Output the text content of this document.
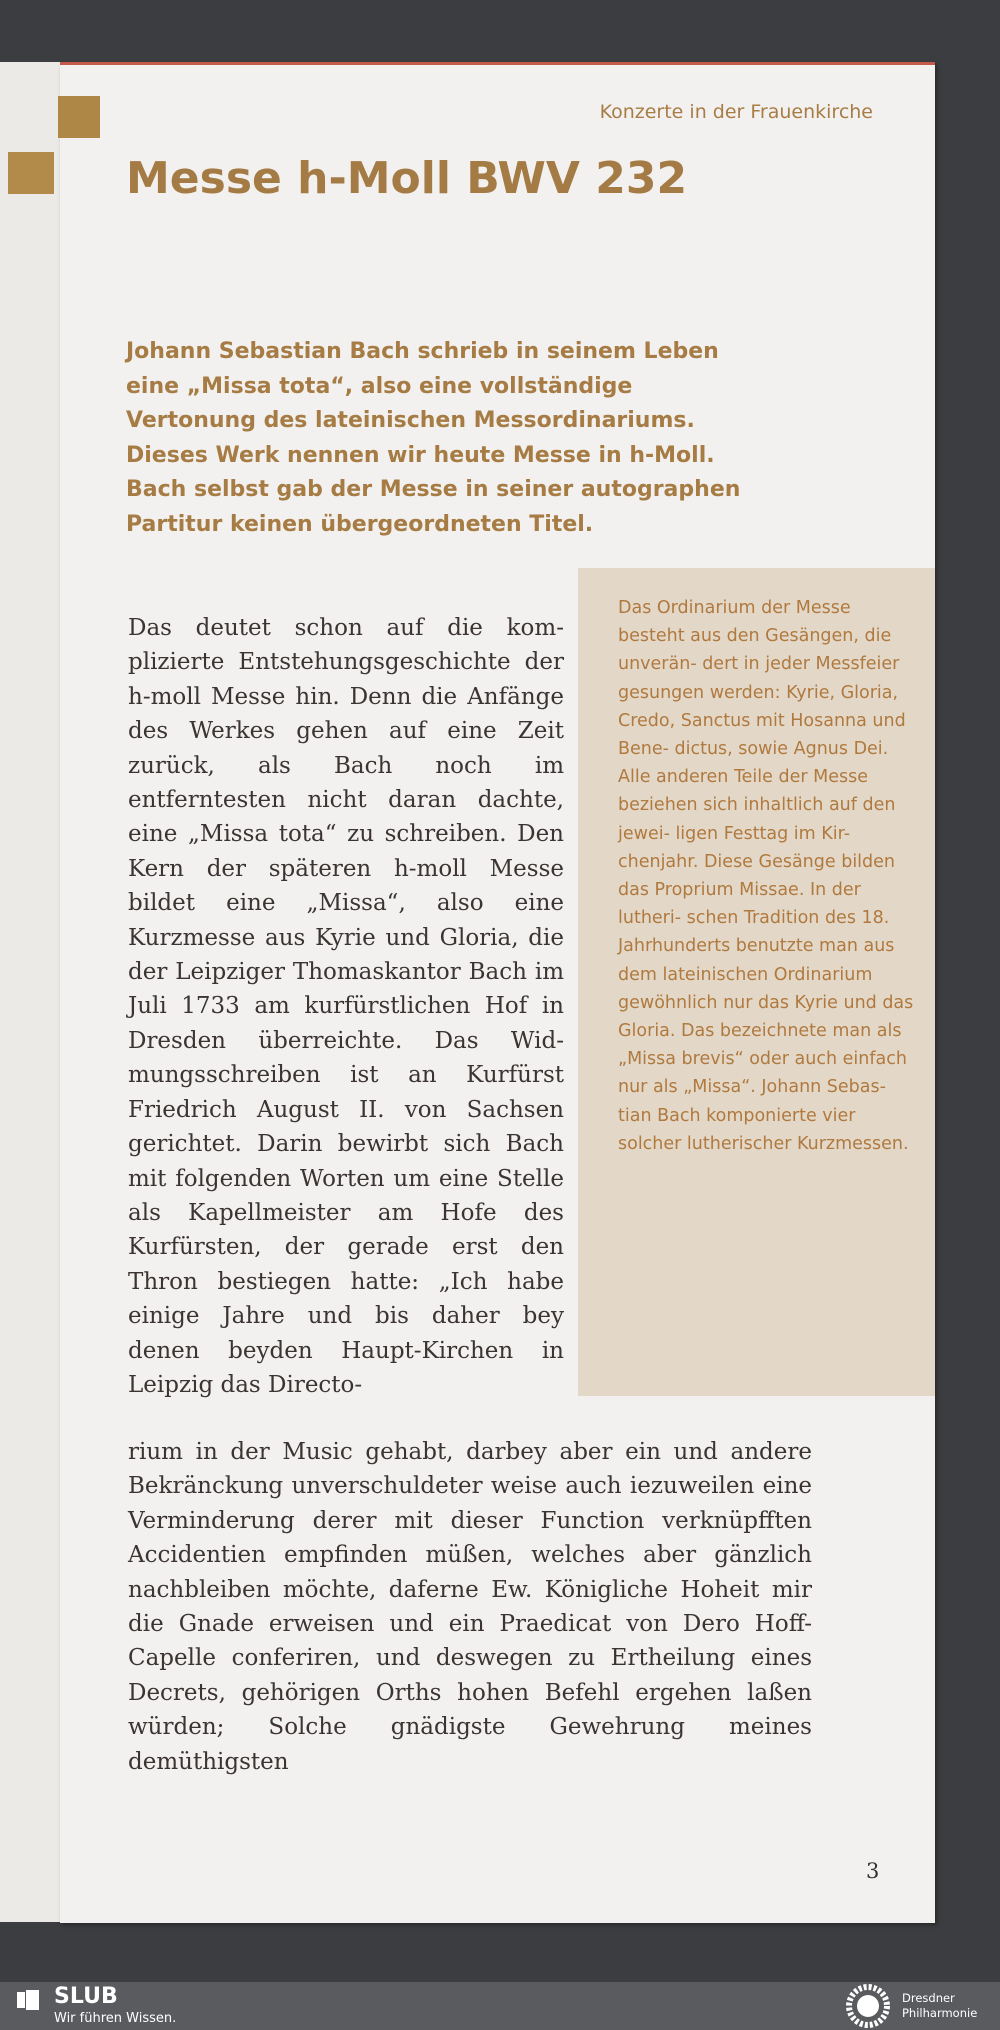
Konzerte in der Frauenkirche
Messe h-Moll BWV 232

Johann Sebastian Bach schrieb in seinem Leben eine „Missa tota“, also eine vollständige Vertonung des lateinischen Messordinariums. Dieses Werk nennen wir heute Messe in h-Moll. Bach selbst gab der Messe in seiner autographen Partitur keinen übergeordneten Titel.

Das Ordinarium der Messe besteht aus den Gesängen, die unverän- dert in jeder Messfeier gesungen werden: Kyrie, Gloria, Credo, Sanctus mit Hosanna und Bene- dictus, sowie Agnus Dei. Alle anderen Teile der Messe beziehen sich inhaltlich auf den jewei- ligen Festtag im Kir- chenjahr. Diese Gesänge bilden das Proprium Missae. In der lutheri- schen Tradition des 18. Jahrhunderts benutzte man aus dem lateinischen Ordinarium gewöhnlich nur das Kyrie und das Gloria. Das bezeichnete man als „Missa brevis“ oder auch einfach nur als „Missa“. Johann Sebas- tian Bach komponierte vier solcher lutherischer Kurzmessen.

Das deutet schon auf die komplizierte Entstehungsgeschichte der h-moll Messe hin. Denn die Anfänge des Werkes gehen auf eine Zeit zurück, als Bach noch im entferntesten nicht daran dachte, eine „Missa tota“ zu schreiben. Den Kern der späteren h-moll Messe bildet eine „Missa“, also eine Kurzmesse aus Kyrie und Gloria, die der Leipziger Thomaskantor Bach im Juli 1733 am kurfürstlichen Hof in Dresden überreichte. Das Widmungsschreiben ist an Kurfürst Friedrich August II. von Sachsen gerichtet. Darin bewirbt sich Bach mit folgenden Worten um eine Stelle als Kapellmeister am Hofe des Kurfürsten, der gerade erst den Thron bestiegen hatte: „Ich habe einige Jahre und bis daher bey denen beyden Haupt-Kirchen in Leipzig das Directo-

rium in der Music gehabt, darbey aber ein und andere Bekränckung unverschuldeter weise auch iezuweilen eine Verminderung derer mit dieser Function verknüpfften Accidentien empfinden müßen, welches aber gänzlich nachbleiben möchte, daferne Ew. Königliche Hoheit mir die Gnade erweisen und ein Praedicat von Dero Hoff-Capelle conferiren, und deswegen zu Ertheilung eines Decrets, gehörigen Orths hohen Befehl ergehen laßen würden; Solche gnädigste Gewehrung meines demüthigsten

3
SLUB
Wir führen Wissen.
Dresdner Philharmonie
